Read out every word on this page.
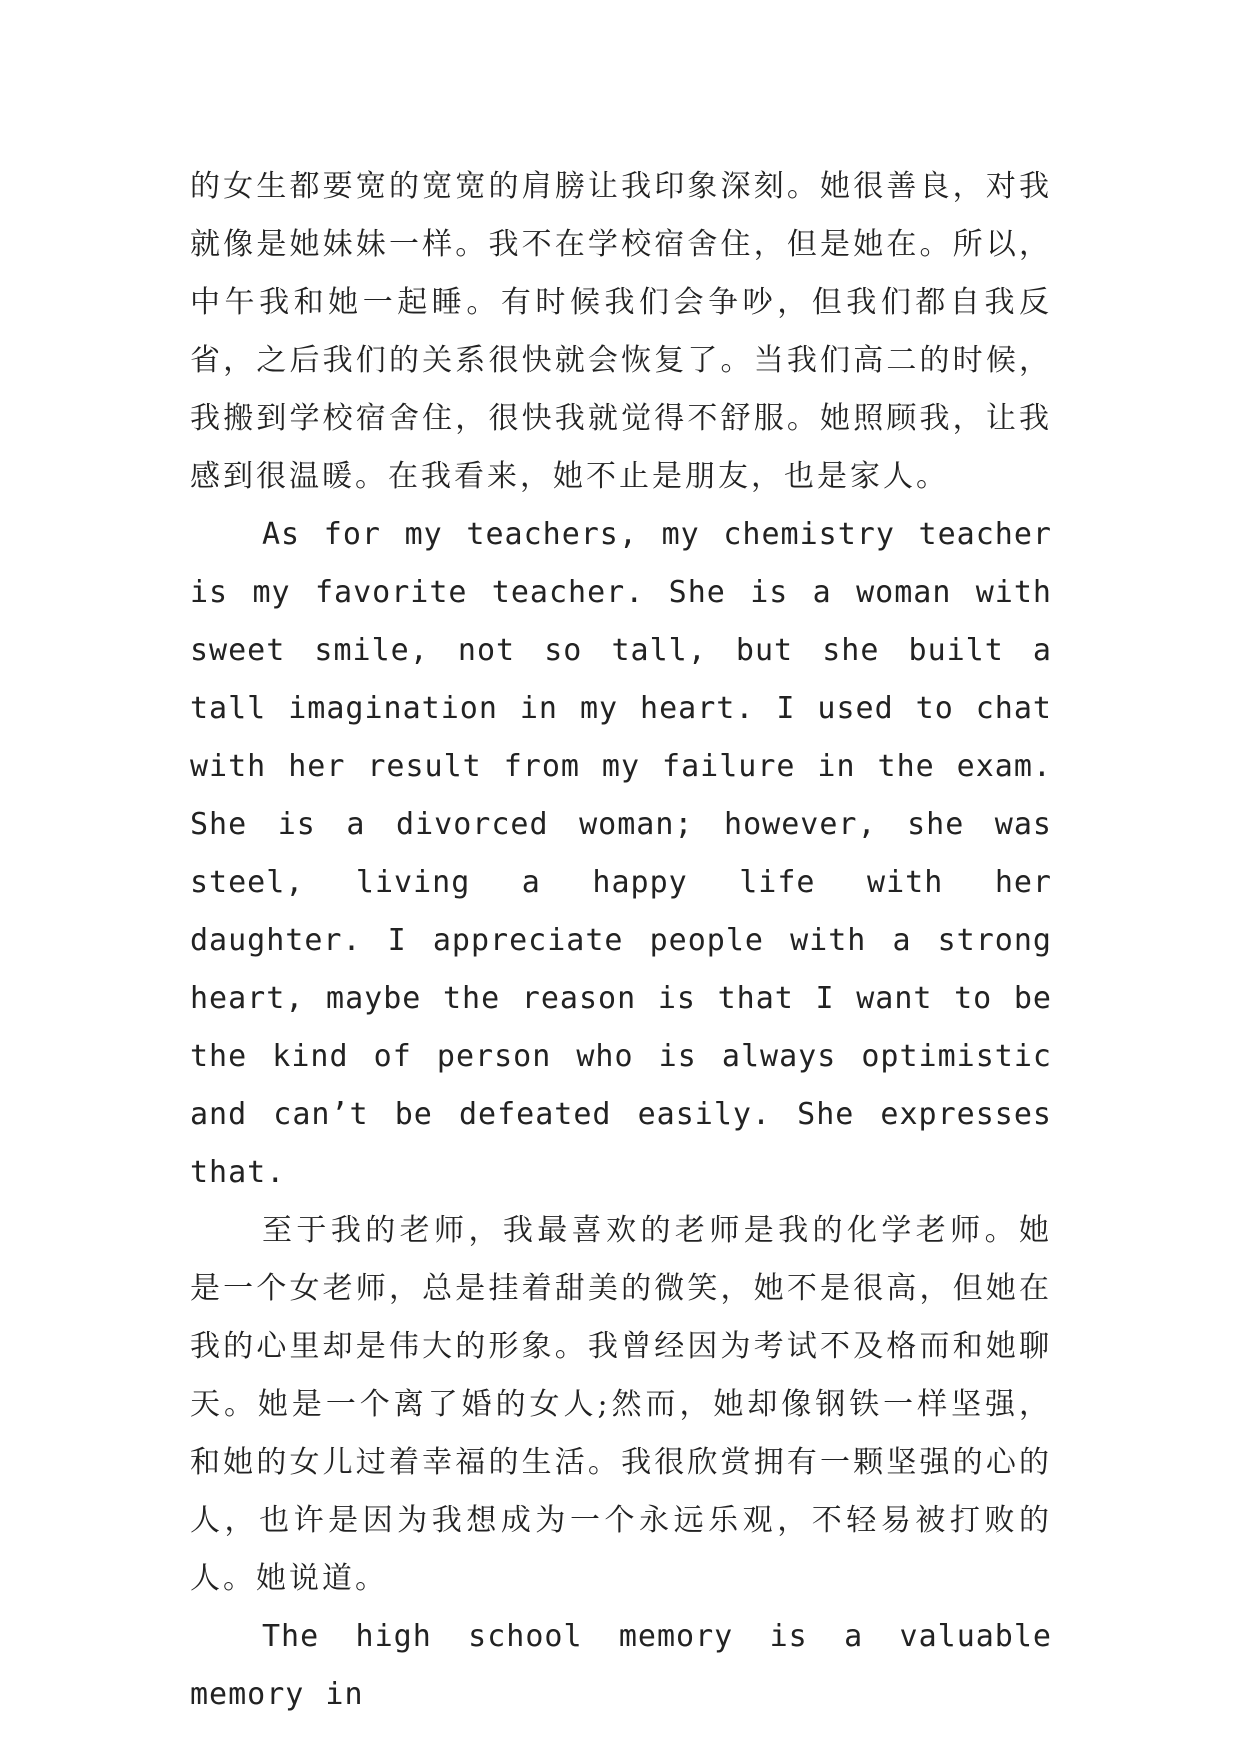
的女生都要宽的宽宽的肩膀让我印象深刻。她很善良，对我就像是她妹妹一样。我不在学校宿舍住，但是她在。所以，中午我和她一起睡。有时候我们会争吵，但我们都自我反省，之后我们的关系很快就会恢复了。当我们高二的时候，我搬到学校宿舍住，很快我就觉得不舒服。她照顾我，让我感到很温暖。在我看来，她不止是朋友，也是家人。

As for my teachers, my chemistry teacher is my favorite teacher. She is a woman with sweet smile, not so tall, but she built a tall imagination in my heart. I used to chat with her result from my failure in the exam. She is a divorced woman; however, she was steel, living a happy life with her daughter. I appreciate people with a strong heart, maybe the reason is that I want to be the kind of person who is always optimistic and can’t be defeated easily. She expresses that.

至于我的老师，我最喜欢的老师是我的化学老师。她是一个女老师，总是挂着甜美的微笑，她不是很高，但她在我的心里却是伟大的形象。我曾经因为考试不及格而和她聊天。她是一个离了婚的女人;然而，她却像钢铁一样坚强，和她的女儿过着幸福的生活。我很欣赏拥有一颗坚强的心的人，也许是因为我想成为一个永远乐观，不轻易被打败的人。她说道。

The high school memory is a valuable memory in
